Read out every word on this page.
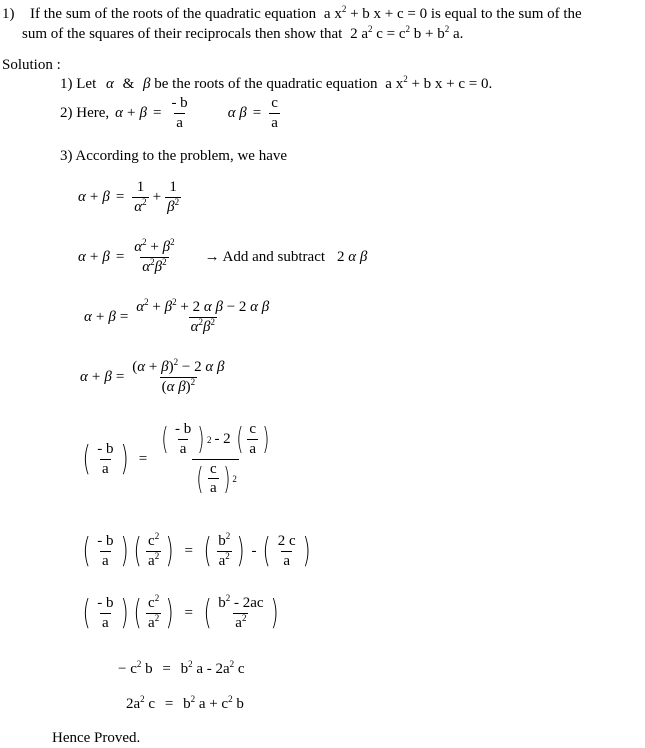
1) If the sum of the roots of the quadratic equation a $x^2 + b$ x + c = 0 is equal to the sum of the
sum of the squares of their reciprocals then show that 2 $a^2$ $c = c^2$ $b + b^2$ a.
Solution :
1) Let α & β be the roots of the quadratic equation a $x^2 + b$ x + c = 0.
2) Here, $\alpha + \beta = \frac{- b}{a}$	α $\beta = \frac{c}{a}$
3) According to the problem, we have
$\alpha + \beta = \frac{1}{\alpha^2} + \frac{1}{\beta^2}$
$\alpha + \beta = \frac{\alpha^2 + \beta^2}{\alpha^2\beta^2}$ → Add and subtract 2 α β
$\alpha + \beta = \frac{\alpha^2 + \beta^2 + 2 \alpha \beta - 2 \alpha \beta}{\alpha^2\beta^2}$
$\alpha + \beta = \frac{(\alpha + \beta)^2 - 2 \alpha \beta}{(\alpha \beta)^2}$
( $\frac{- b}{a}$ ) = $\frac{( \frac{- b}{a} ) 2 - 2 ( \frac{c}{a} )}{( \frac{c}{a} ) 2}$
( $\frac{- b}{a}$ ) ( $\frac{c^2}{a^2}$ ) = ( $\frac{b^2}{a^2}$ ) - ( $\frac{2 c}{a}$ )
( $\frac{- b}{a}$ ) ( $\frac{c^2}{a^2}$ ) = ( $\frac{b^2 - 2ac}{a^2}$ )
− $c^2$ $b = b^2$ a - $2a^2$ c
$2a^2$ $c = b^2$ $a + c^2$ b
Hence Proved.
